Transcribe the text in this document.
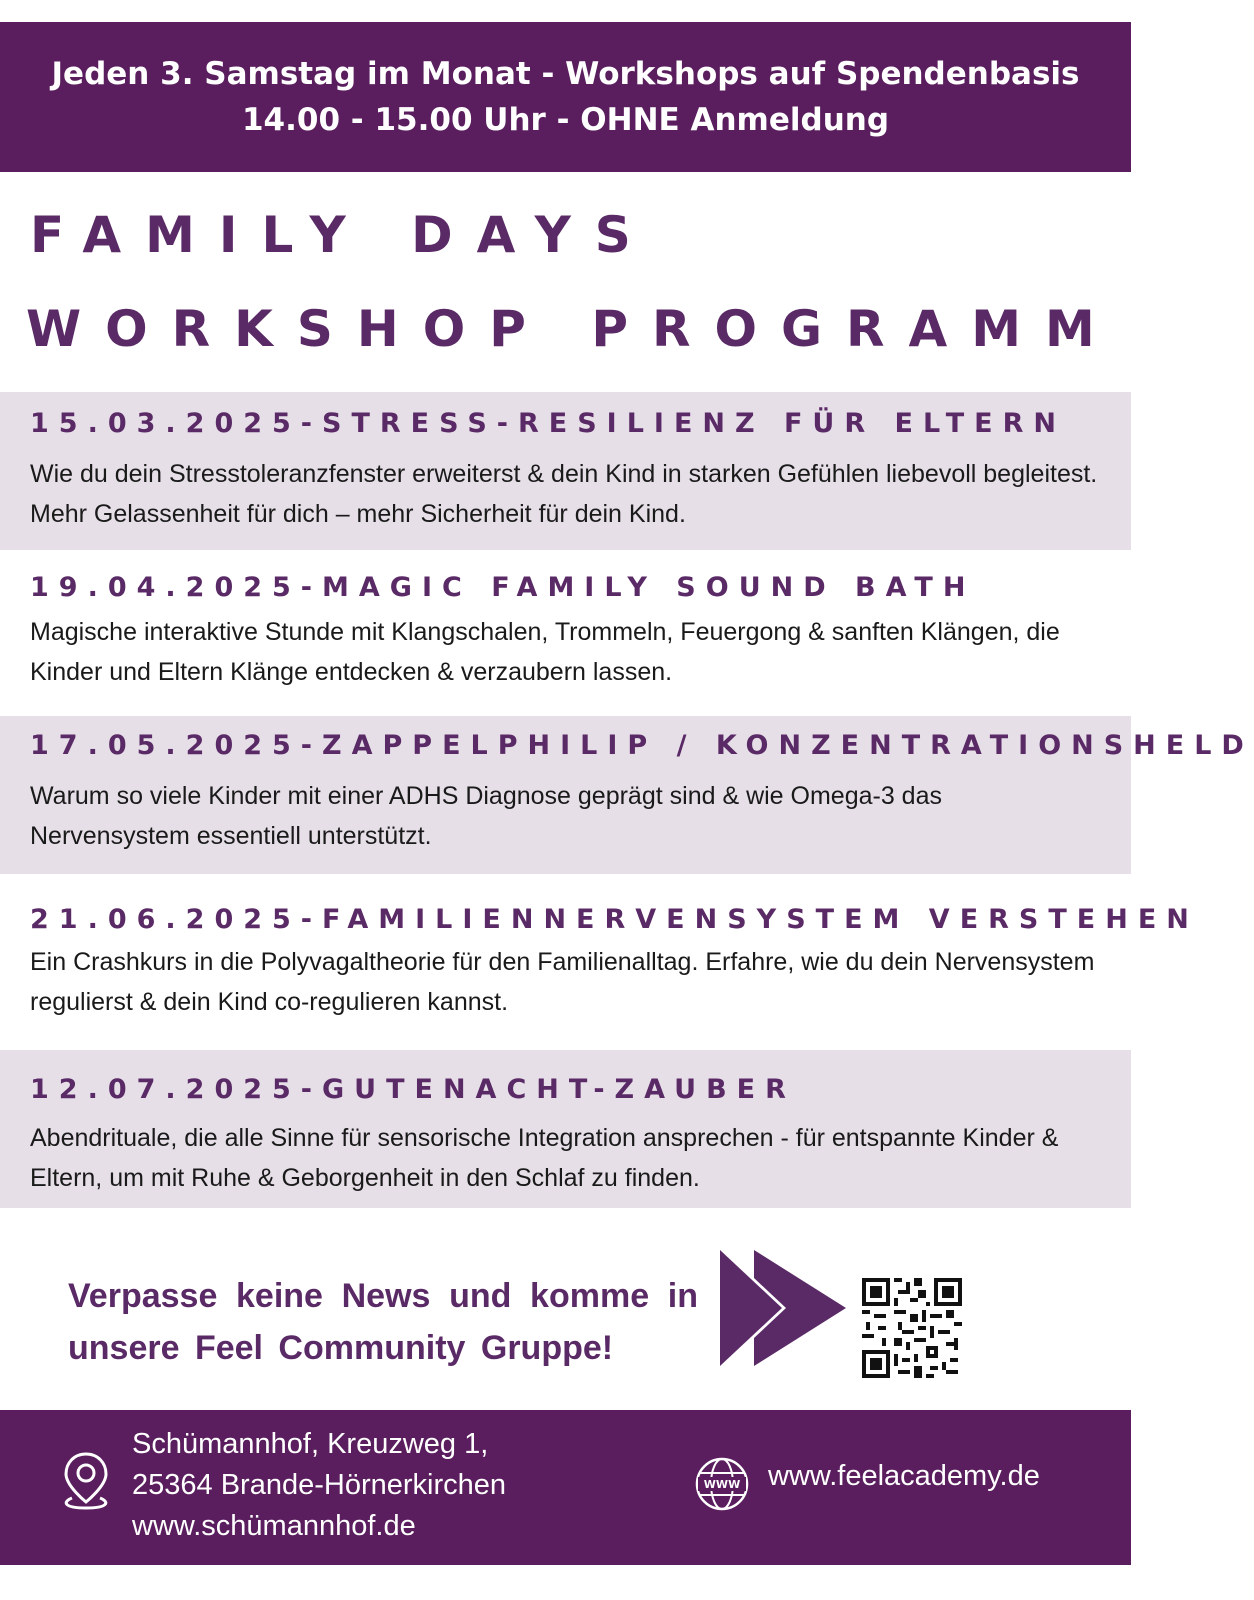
Jeden 3. Samstag im Monat - Workshops auf Spendenbasis
14.00 - 15.00 Uhr - OHNE Anmeldung
FAMILY DAYS
WORKSHOP PROGRAMM
15.03.2025-STRESS-RESILIENZ FÜR ELTERN
Wie du dein Stresstoleranzfenster erweiterst & dein Kind in starken Gefühlen liebevoll begleitest. Mehr Gelassenheit für dich – mehr Sicherheit für dein Kind.
19.04.2025-MAGIC FAMILY SOUND BATH
Magische interaktive Stunde mit Klangschalen, Trommeln, Feuergong & sanften Klängen, die Kinder und Eltern Klänge entdecken & verzaubern lassen.
17.05.2025-ZAPPELPHILIP / KONZENTRATIONSHELD
Warum so viele Kinder mit einer ADHS Diagnose geprägt sind & wie Omega-3 das Nervensystem essentiell unterstützt.
21.06.2025-FAMILIENNERVENSYSTEM VERSTEHEN
Ein Crashkurs in die Polyvagaltheorie für den Familienalltag. Erfahre, wie du dein Nervensystem regulierst & dein Kind co-regulieren kannst.
12.07.2025-GUTENACHT-ZAUBER
Abendrituale, die alle Sinne für sensorische Integration ansprechen - für entspannte Kinder & Eltern, um mit Ruhe & Geborgenheit in den Schlaf zu finden.
Verpasse keine News und komme in unsere Feel Community Gruppe!
Schümannhof, Kreuzweg 1,
25364 Brande-Hörnerkirchen
www.schümannhof.de
WWW www.feelacademy.de
